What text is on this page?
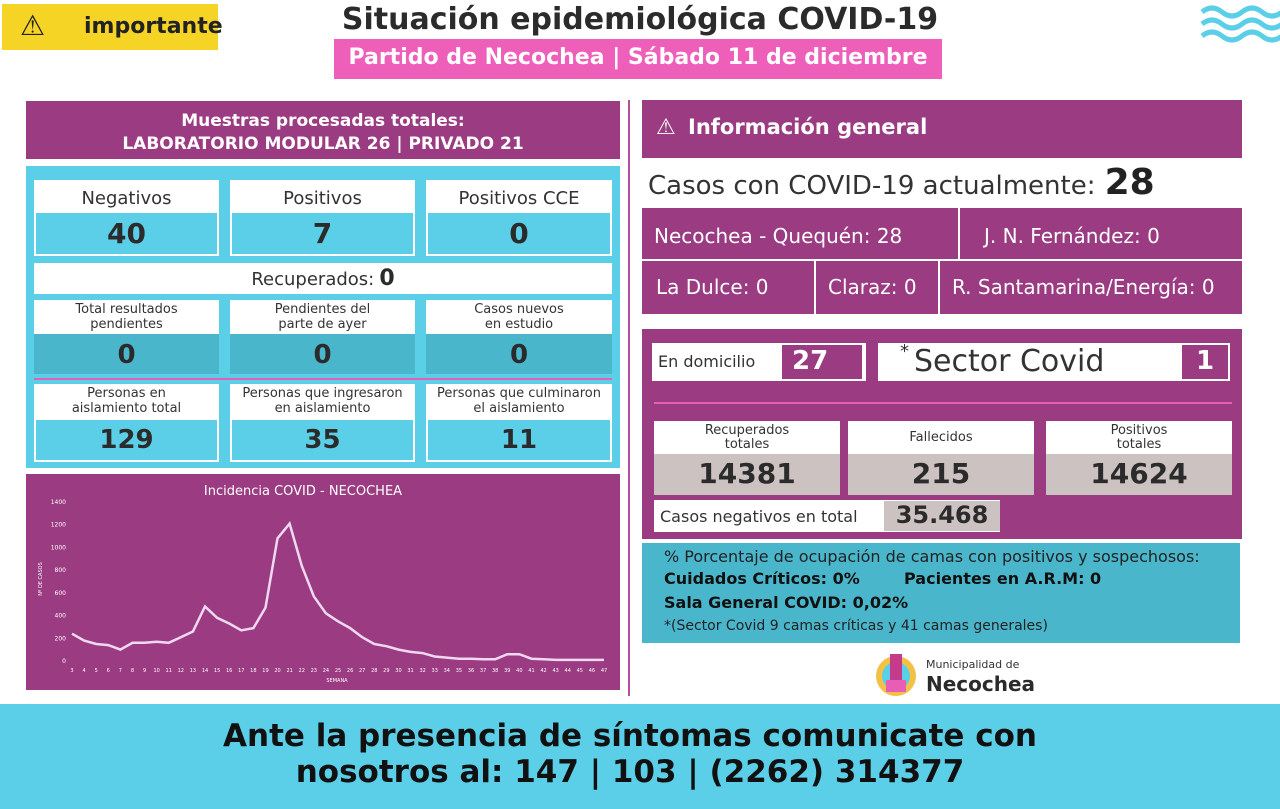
⚠ importante	Situación epidemiológica COVID-19
Partido de Necochea | Sábado 11 de diciembre
Muestras procesadas totales:
LABORATORIO MODULAR 26 | PRIVADO 21
Negativos
40
Positivos
7
Positivos CCE
0
Recuperados: 0
Total resultados
pendientes
0
Pendientes del
parte de ayer
0
Casos nuevos
en estudio
0
Personas en
aislamiento total
129
Personas que ingresaron
en aislamiento
35
Personas que culminaron
el aislamiento
11
Incidencia COVID - NECOCHEA
Nº DE CASOS
SEMANA
0
200
400
600
800
1000
1200
1400
3 4 5 6 7 8 9 10 11 12 13 14 15 16 17 18 19 20 21 22 23 24 25 26 27 28 29 30 31 32 33 34 35 36 37 38 39 40 41 42 43 44 45 46 47
⚠ Información general
Casos con COVID-19 actualmente: 28
Necochea - Quequén: 28	J. N. Fernández: 0
La Dulce: 0	Claraz: 0 R. Santamarina/Energía: 0
En domicilio 27	* Sector Covid	1
Recuperados
totales
14381
Fallecidos
215
Positivos
totales
14624
Casos negativos en total	35.468
% Porcentaje de ocupación de camas con positivos y sospechosos:
Cuidados Críticos: 0%	Pacientes en A.R.M: 0
Sala General COVID: 0,02%
*(Sector Covid 9 camas críticas y 41 camas generales)
Municipalidad de
Necochea
Ante la presencia de síntomas comunicate con
nosotros al: 147 | 103 | (2262) 314377
